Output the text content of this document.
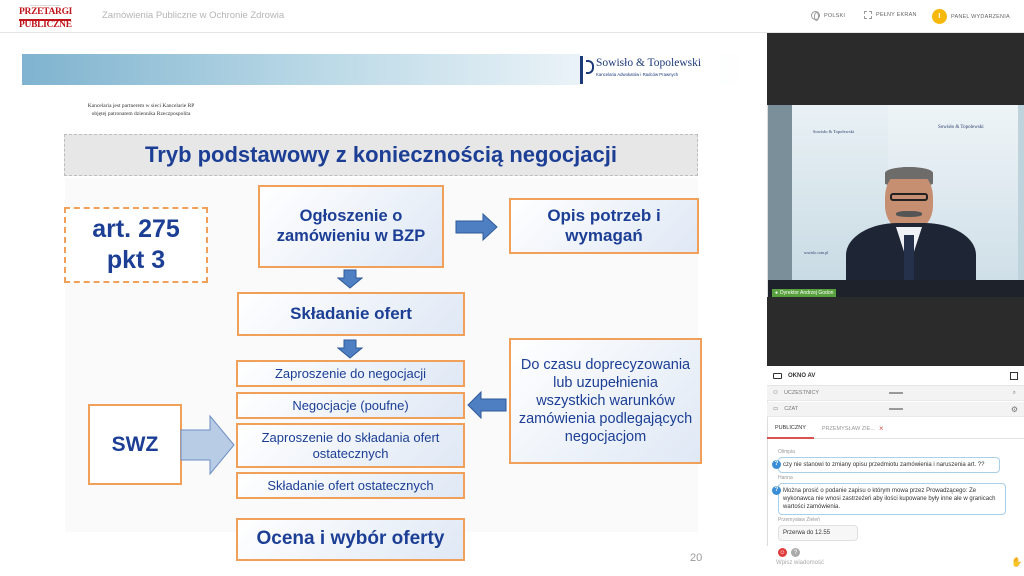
GAZETA ZAMÓWIENIOWA
PRZETARGI
PUBLICZNE
Zamówienia Publiczne w Ochronie Zdrowia	POLSKI	PEŁNY EKRAN	I	PANEL WYDARZENIA
Sowisło & Topolewski
Kancelaria Adwokatów i Radców Prawnych
Kancelaria jest partnerem w sieci Kancelarie RP objętej patronatem dziennika Rzeczpospolita
Tryb podstawowy z koniecznością negocjacji
art. 275 pkt 3
Ogłoszenie o zamówieniu w BZP
Opis potrzeb i wymagań
Składanie ofert
Zaproszenie do negocjacji
Negocjacje (poufne)
Zaproszenie do składania ofert ostatecznych
Składanie ofert ostatecznych
Ocena i wybór oferty
SWZ
Do czasu doprecyzowania lub uzupełnienia wszystkich warunków zamówienia podlegających negocjacjom
20
Sowisło & Topolewski
Sowisło & Topolewski
sowislo.com.pl
● Dyrektor Andrzej Godon
OKNO AV
⚇ UCZESTNICY	⌕
▭ CZAT	⚙
PUBLICZNY	PRZEMYSŁAW ZIE... ×
Olimpia
? czy nie stanowi to zmiany opisu przedmiotu zamówienia i naruszenia art. ??
Hanna
? Można prosić o podanie zapisu o którym mowa przez Prowadzącego: Ze wykonawca nie wnosi zastrzeżeń aby ilości kupowane były inne ale w granicach wartości zamówienia.
Przemysław Zieleń
Przerwa do 12.55
☺	?
Wpisz wiadomość	✋
